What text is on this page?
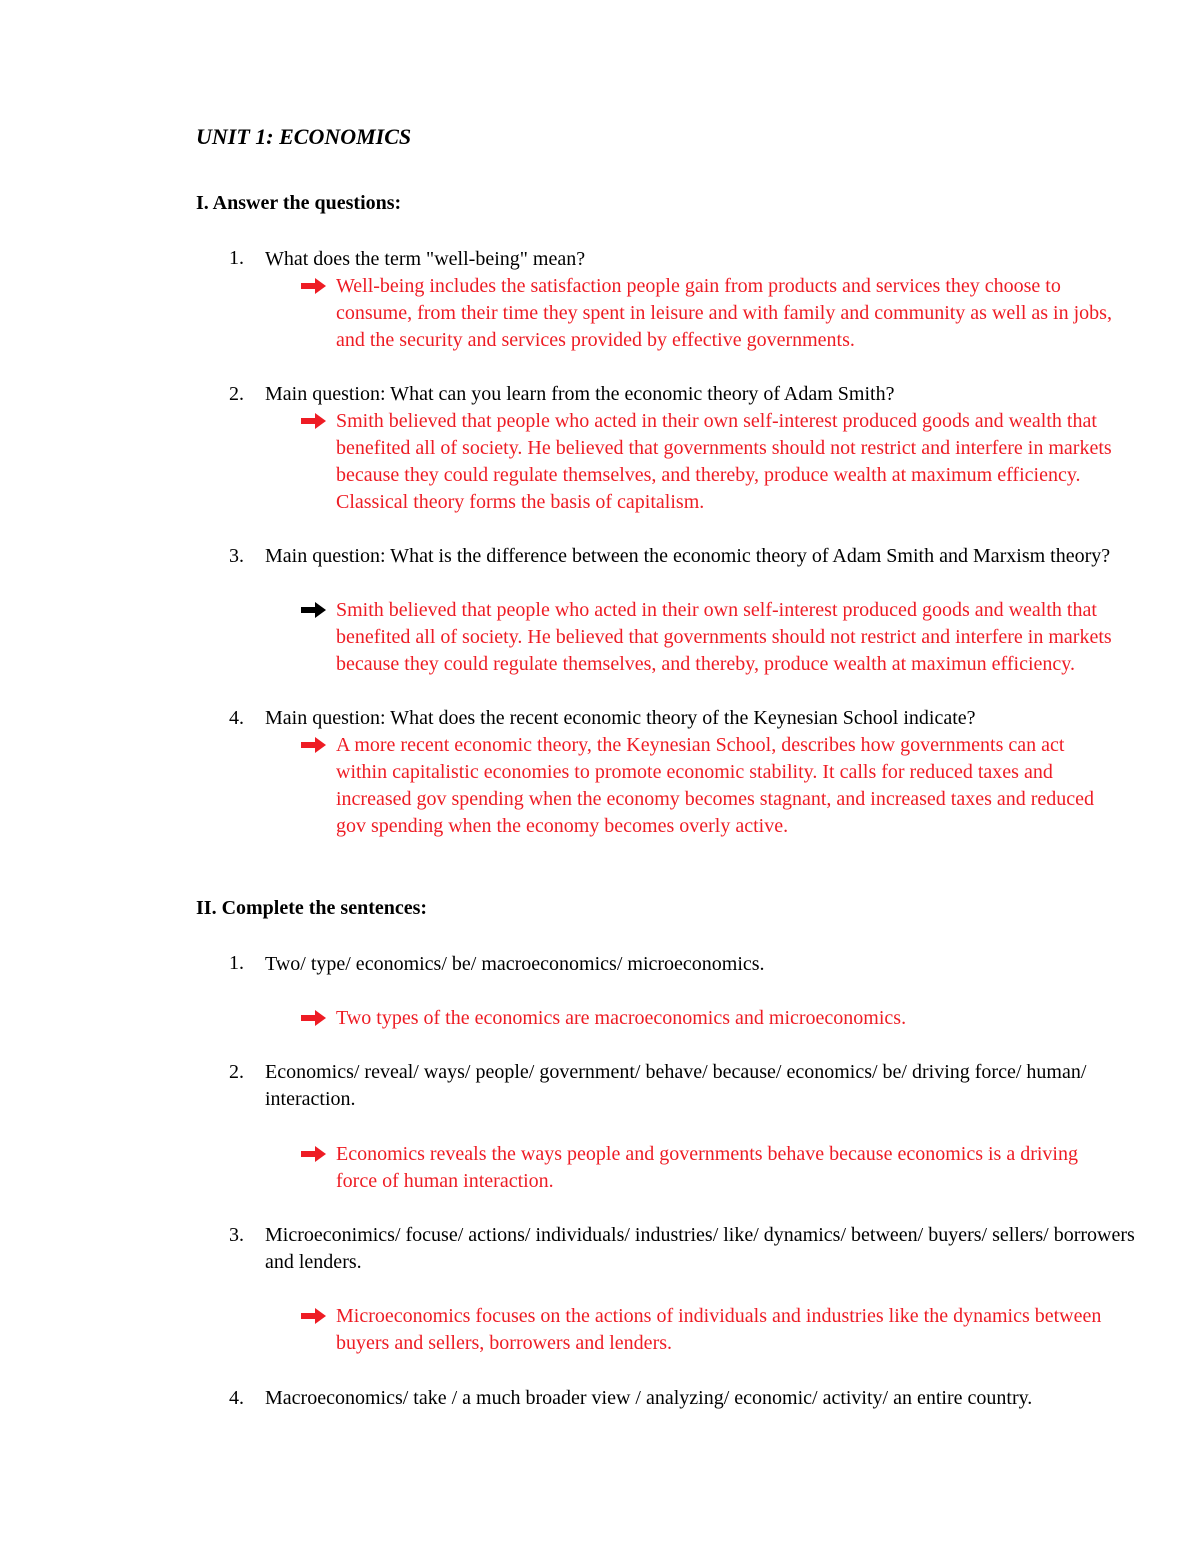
UNIT 1: ECONOMICS
I. Answer the questions:
1. What does the term "well-being" mean?
Well-being includes the satisfaction people gain from products and services they choose to consume, from their time they spent in leisure and with family and community as well as in jobs, and the security and services provided by effective governments.
2. Main question: What can you learn from the economic theory of Adam Smith?
Smith believed that people who acted in their own self-interest produced goods and wealth that benefited all of society. He believed that governments should not restrict and interfere in markets because they could regulate themselves, and thereby, produce wealth at maximum efficiency. Classical theory forms the basis of capitalism.
3. Main question: What is the difference between the economic theory of Adam Smith and Marxism theory?
Smith believed that people who acted in their own self-interest produced goods and wealth that benefited all of society. He believed that governments should not restrict and interfere in markets because they could regulate themselves, and thereby, produce wealth at maximun efficiency.
4. Main question: What does the recent economic theory of the Keynesian School indicate?
A more recent economic theory, the Keynesian School, describes how governments can act within capitalistic economies to promote economic stability. It calls for reduced taxes and increased gov spending when the economy becomes stagnant, and increased taxes and reduced gov spending when the economy becomes overly active.
II. Complete the sentences:
1. Two/ type/ economics/ be/ macroeconomics/ microeconomics.
Two types of the economics are macroeconomics and microeconomics.
2. Economics/ reveal/ ways/ people/ government/ behave/ because/ economics/ be/ driving force/ human/ interaction.
Economics reveals the ways people and governments behave because economics is a driving force of human interaction.
3. Microeconimics/ focuse/ actions/ individuals/ industries/ like/ dynamics/ between/ buyers/ sellers/ borrowers and lenders.
Microeconomics focuses on the actions of individuals and industries like the dynamics between buyers and sellers, borrowers and lenders.
4. Macroeconomics/ take / a much broader view / analyzing/ economic/ activity/ an entire country.
